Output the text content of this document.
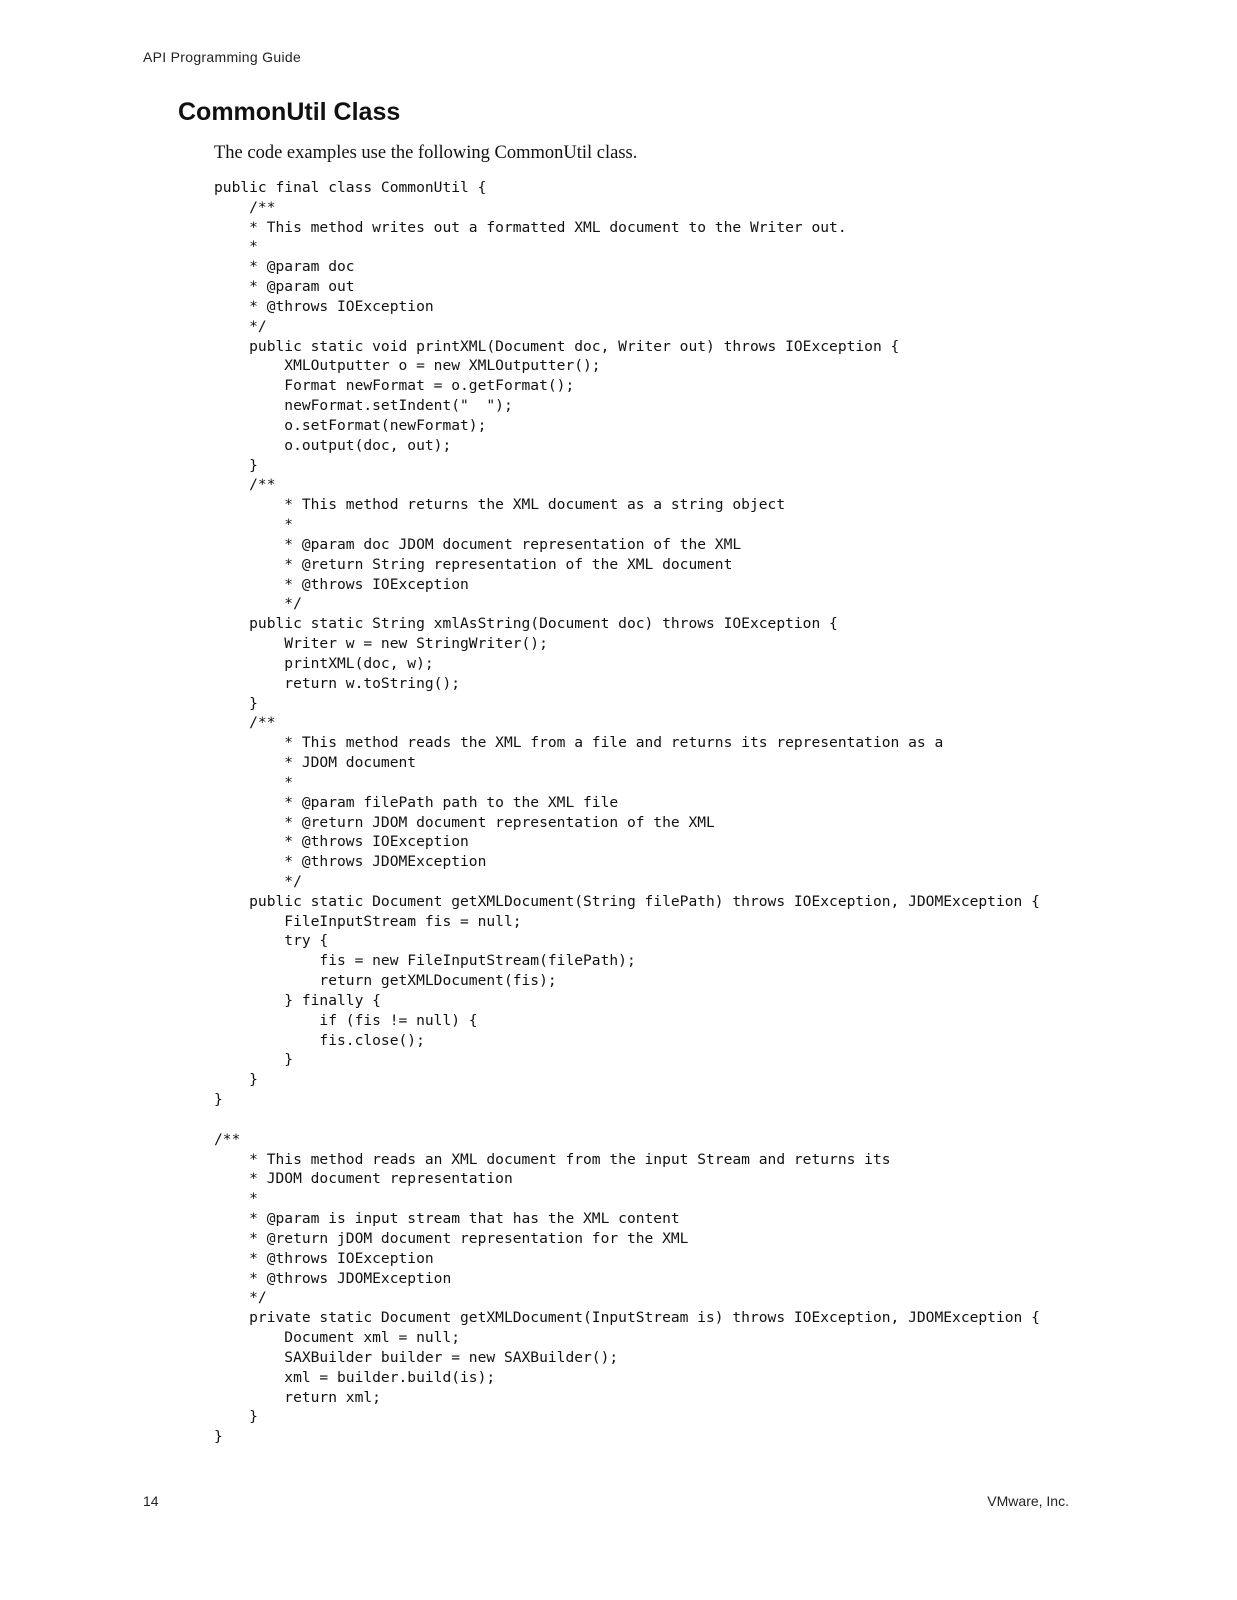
API Programming Guide
CommonUtil Class

The code examples use the following CommonUtil class.

public final class CommonUtil {
/**
* This method writes out a formatted XML document to the Writer out.
*
* @param doc
* @param out
* @throws IOException
*/
public static void printXML(Document doc, Writer out) throws IOException {
XMLOutputter o = new XMLOutputter();
Format newFormat = o.getFormat();
newFormat.setIndent("  ");
o.setFormat(newFormat);
o.output(doc, out);
}
/**
* This method returns the XML document as a string object
*
* @param doc JDOM document representation of the XML
* @return String representation of the XML document
* @throws IOException
*/
public static String xmlAsString(Document doc) throws IOException {
Writer w = new StringWriter();
printXML(doc, w);
return w.toString();
}
/**
* This method reads the XML from a file and returns its representation as a
* JDOM document
*
* @param filePath path to the XML file
* @return JDOM document representation of the XML
* @throws IOException
* @throws JDOMException
*/
public static Document getXMLDocument(String filePath) throws IOException, JDOMException {
FileInputStream fis = null;
try {
fis = new FileInputStream(filePath);
return getXMLDocument(fis);
} finally {
if (fis != null) {
fis.close();
}
}
}
/**
* This method reads an XML document from the input Stream and returns its
* JDOM document representation
*
* @param is input stream that has the XML content
* @return jDOM document representation for the XML
* @throws IOException
* @throws JDOMException
*/
private static Document getXMLDocument(InputStream is) throws IOException, JDOMException {
Document xml = null;
SAXBuilder builder = new SAXBuilder();
xml = builder.build(is);
return xml;
}
}
14	VMware, Inc.
